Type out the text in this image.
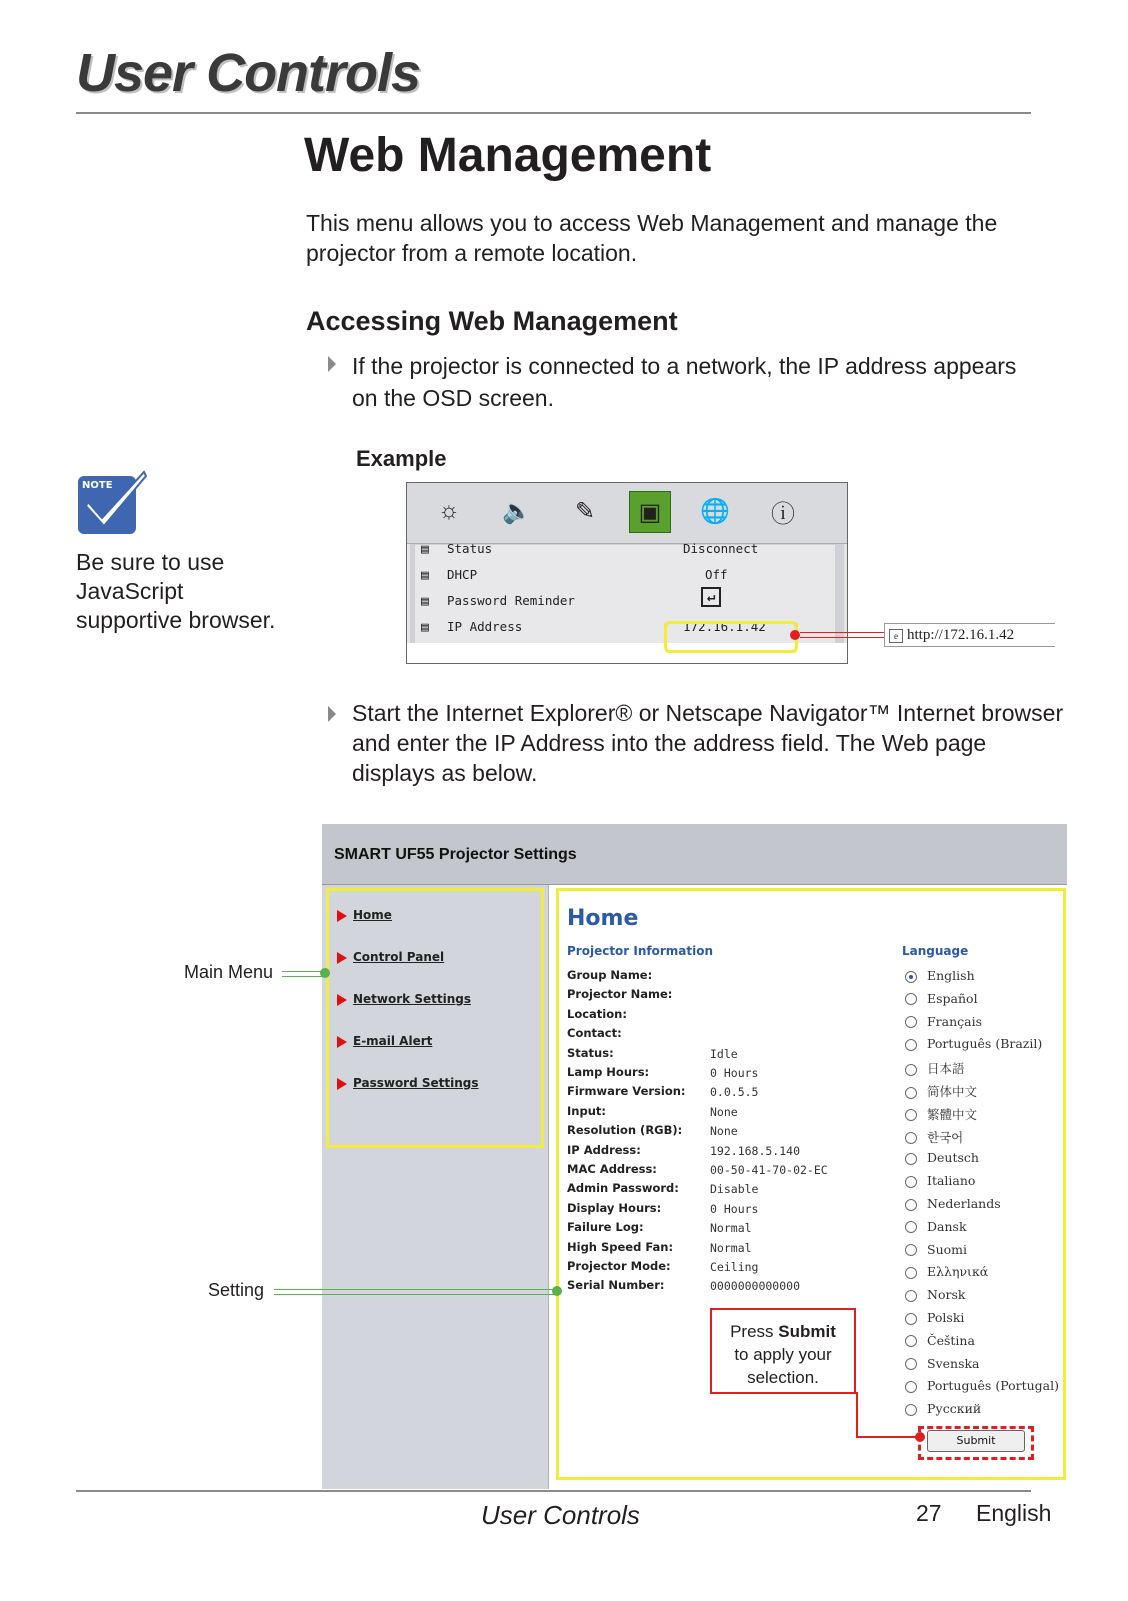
User Controls
Web Management
This menu allows you to access Web Management and manage the projector from a remote location.
Accessing Web Management
If the projector is connected to a network, the IP address appears on the OSD screen.
Example
NOTE
Be sure to use JavaScript supportive browser.
☼ 🔈	✎	▣	🌐 ⓘ
▤ Status	Disconnect
▤ DHCP	Off
▤ Password Reminder	↵
▤ IP Address	172.16.1.42
e http://172.16.1.42
Start the Internet Explorer® or Netscape Navigator™ Internet browser and enter the IP Address into the address field. The Web page displays as below.
SMART UF55 Projector Settings
Home
Control Panel
Network Settings
E-mail Alert
Password Settings
Home
Projector Information	Language
Group Name:
Projector Name:
Location:
Contact:
Status:	Idle
Lamp Hours:	0 Hours
Firmware Version: 0.0.5.5
Input:	None
Resolution (RGB): None
IP Address:	192.168.5.140
MAC Address:	00-50-41-70-02-EC
Admin Password:	Disable
Display Hours:	0 Hours
Failure Log:	Normal
High Speed Fan:	Normal
Projector Mode:	Ceiling
Serial Number:	0000000000000
English
Español
Français
Português (Brazil)
日本語
简体中文
繁體中文
한국어
Deutsch
Italiano
Nederlands
Dansk
Suomi
Ελληνικά
Norsk
Polski
Čeština
Svenska
Português (Portugal)
Русский
Submit
Press Submit
to apply your selection.
Main Menu
Setting
User Controls	27 English
